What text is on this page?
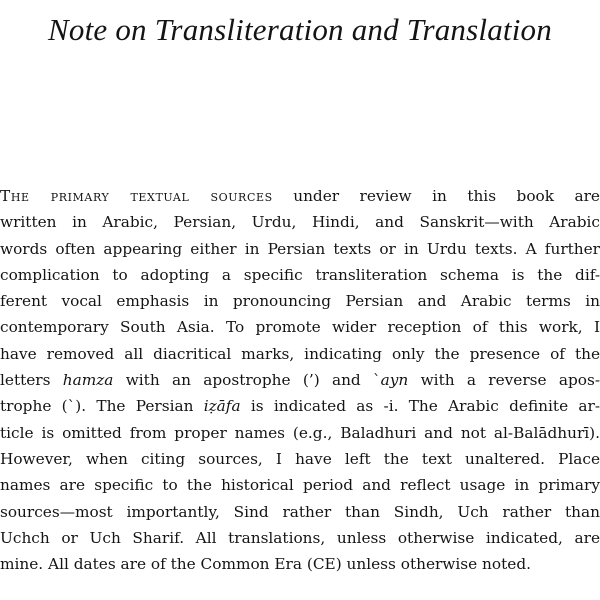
Note on Transliteration and Translation
The primary textual sources under review in this book are
written in Arabic, Persian, Urdu, Hindi, and Sanskrit—with Arabic
words often appearing either in Persian texts or in Urdu texts. A further
complication to adopting a specific transliteration schema is the dif-
ferent vocal emphasis in pronouncing Persian and Arabic terms in
contemporary South Asia. To promote wider reception of this work, I
have removed all diacritical marks, indicating only the presence of the
letters hamza with an apostrophe (’) and `ayn with a reverse apos-
trophe (`). The Persian iẓāfa is indicated as -i. The Arabic definite ar-
ticle is omitted from proper names (e.g., Baladhuri and not al-Balādhurī).
However, when citing sources, I have left the text unaltered. Place
names are specific to the historical period and reflect usage in primary
sources—most importantly, Sind rather than Sindh, Uch rather than
Uchch or Uch Sharif. All translations, unless otherwise indicated, are
mine. All dates are of the Common Era (CE) unless otherwise noted.
